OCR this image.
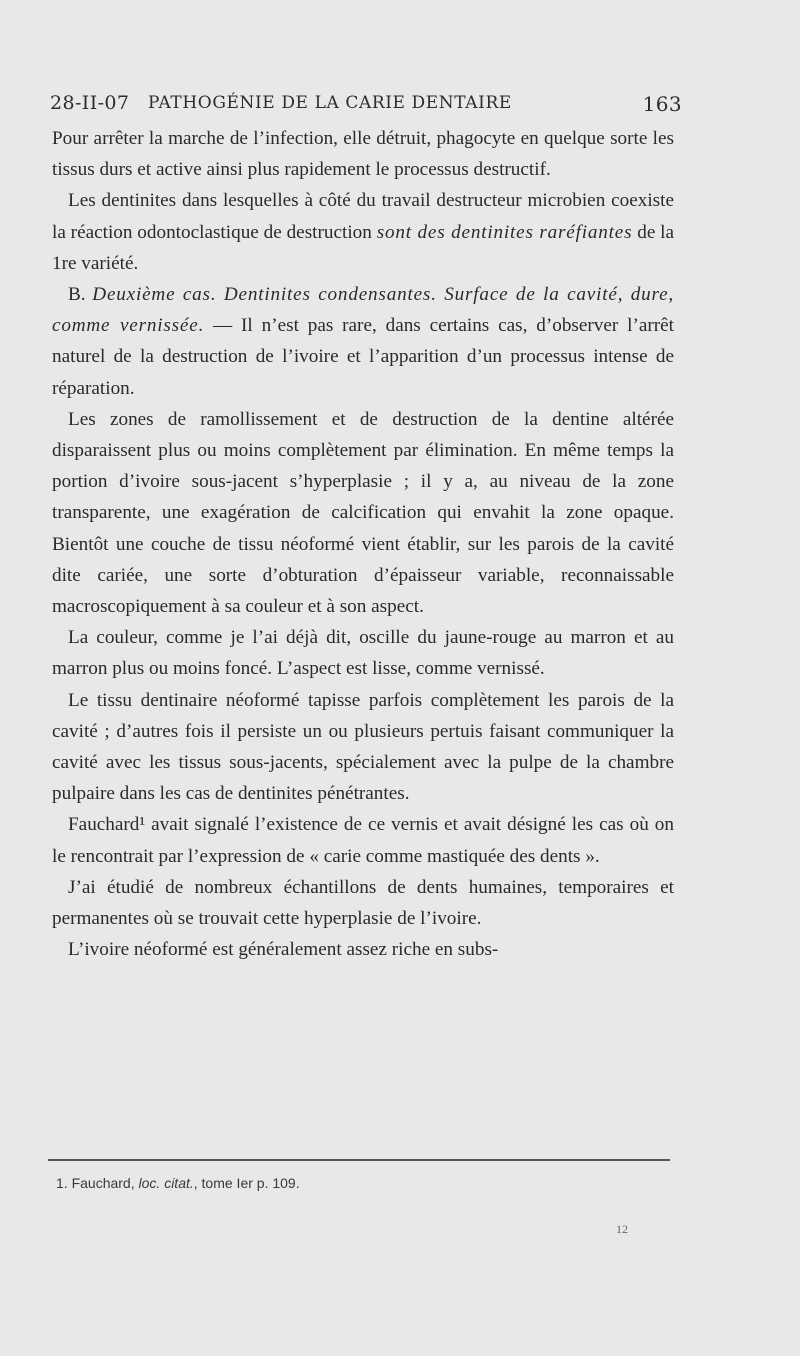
28-II-07 PATHOGÉNIE DE LA CARIE DENTAIRE	163

Pour arrêter la marche de l’infection, elle détruit, phagocyte en quelque sorte les tissus durs et active ainsi plus rapidement le processus destructif.

Les dentinites dans lesquelles à côté du travail destructeur microbien coexiste la réaction odontoclastique de destruction sont des dentinites raréfiantes de la 1re variété.

B. Deuxième cas. Dentinites condensantes. Surface de la cavité, dure, comme vernissée. — Il n’est pas rare, dans certains cas, d’observer l’arrêt naturel de la destruction de l’ivoire et l’apparition d’un processus intense de réparation.

Les zones de ramollissement et de destruction de la dentine altérée disparaissent plus ou moins complètement par élimination. En même temps la portion d’ivoire sous-jacent s’hyperplasie ; il y a, au niveau de la zone transparente, une exagération de calcification qui envahit la zone opaque. Bientôt une couche de tissu néoformé vient établir, sur les parois de la cavité dite cariée, une sorte d’obturation d’épaisseur variable, reconnaissable macroscopiquement à sa couleur et à son aspect.

La couleur, comme je l’ai déjà dit, oscille du jaune-rouge au marron et au marron plus ou moins foncé. L’aspect est lisse, comme vernissé.

Le tissu dentinaire néoformé tapisse parfois complètement les parois de la cavité ; d’autres fois il persiste un ou plusieurs pertuis faisant communiquer la cavité avec les tissus sous-jacents, spécialement avec la pulpe de la chambre pulpaire dans les cas de dentinites pénétrantes.

Fauchard¹ avait signalé l’existence de ce vernis et avait désigné les cas où on le rencontrait par l’expression de « carie comme mastiquée des dents ».

J’ai étudié de nombreux échantillons de dents humaines, temporaires et permanentes où se trouvait cette hyperplasie de l’ivoire.

L’ivoire néoformé est généralement assez riche en subs-

1. Fauchard, loc. citat., tome Ier p. 109.
12
